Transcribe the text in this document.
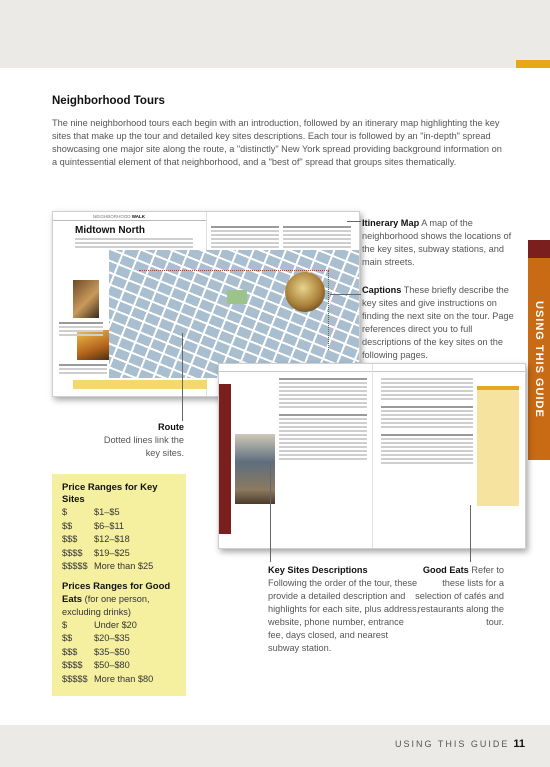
USING THIS GUIDE
Neighborhood Tours

The nine neighborhood tours each begin with an introduction, followed by an itinerary map highlighting the key sites that make up the tour and detailed key sites descriptions. Each tour is followed by an "in-depth" spread showcasing one major site along the route, a "distinctly" New York spread providing background information on a quintessential element of that neighborhood, and a "best of" spread that groups sites thematically.

NEIGHBORHOOD WALK
Midtown North

Itinerary Map A map of the neighborhood shows the locations of the key sites, subway stations, and main streets.

Captions These briefly describe the key sites and give instructions on finding the next site on the tour. Page references direct you to full descriptions of the key sites on the following pages.

Route
Dotted lines link the key sites.
Key Sites Descriptions
Following the order of the tour, these provide a detailed description and highlights for each site, plus address, website, phone number, entrance fee, days closed, and nearest subway station.

Good Eats Refer to these lists for a selection of cafés and restaurants along the tour.

Price Ranges for Key Sites
$	$1–$5
$$	$6–$11
$$$	$12–$18
$$$$	$19–$25
$$$$$ More than $25
Prices Ranges for Good Eats (for one person, excluding drinks)
$	Under $20
$$	$20–$35
$$$	$35–$50
$$$$	$50–$80
$$$$$ More than $80
USING THIS GUIDE 11
